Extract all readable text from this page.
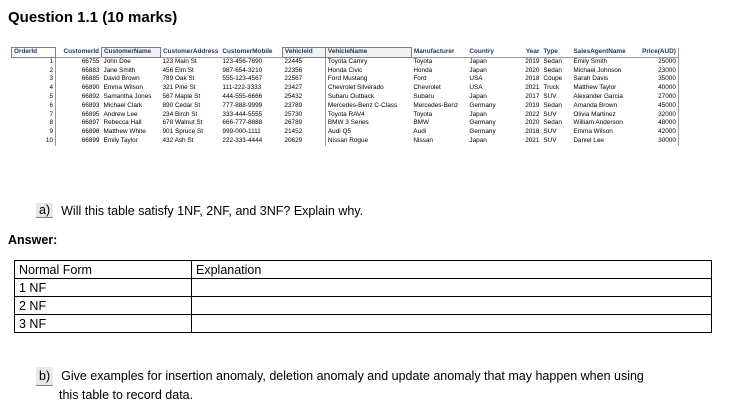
Question 1.1 (10 marks)
OrderId	CustomerId	CustomerName	CustomerAddress	CustomerMobile	VehicleId	VehicleName	Manufacturer	Country	Year	Type	SalesAgentName	Price(AUD)
1	66755	John Doe	123 Main St	123-456-7890	22445	Toyota Camry	Toyota	Japan	2019	Sedan	Emily Smith	25000
2	66883	Jane Smith	456 Elm St	987-654-3210	22356	Honda Civic	Honda	Japan	2020	Sedan	Michael Johnson	23000
3	66885	David Brown	789 Oak St	555-123-4567	22567	Ford Mustang	Ford	USA	2018	Coupe	Sarah Davis	35000
4	66890	Emma Wilson	321 Pine St	111-222-3333	23427	Chevrolet Silverado	Chevrolet	USA	2021	Truck	Matthew Taylor	40000
5	66892	Samantha Jones	567 Maple St	444-555-6666	25432	Subaru Outback	Subaru	Japan	2017	SUV	Alexander Garcia	27000
6	66893	Michael Clark	890 Cedar St	777-888-9999	23789	Mercedes-Benz C-Class	Mercedes-Benz	Germany	2019	Sedan	Amanda Brown	45000
7	66895	Andrew Lee	234 Birch St	333-444-5555	25730	Toyota RAV4	Toyota	Japan	2022	SUV	Olivia Martinez	32000
8	66897	Rebecca Hall	678 Walnut St	666-777-8888	26789	BMW 3 Series	BMW	Germany	2020	Sedan	William Anderson	48000
9	66898	Matthew White	901 Spruce St	999-000-1111	21452	Audi Q5	Audi	Germany	2018	SUV	Emma Wilson	42000
10	66899	Emily Taylor	432 Ash St	222-333-4444	20629	Nissan Rogue	Nissan	Japan	2021	SUV	Daniel Lee	30000
a) Will this table satisfy 1NF, 2NF, and 3NF? Explain why.
Answer:
Normal Form	Explanation
1 NF	
2 NF	
3 NF	
b) Give examples for insertion anomaly, deletion anomaly and update anomaly that may happen when using
this table to record data.
